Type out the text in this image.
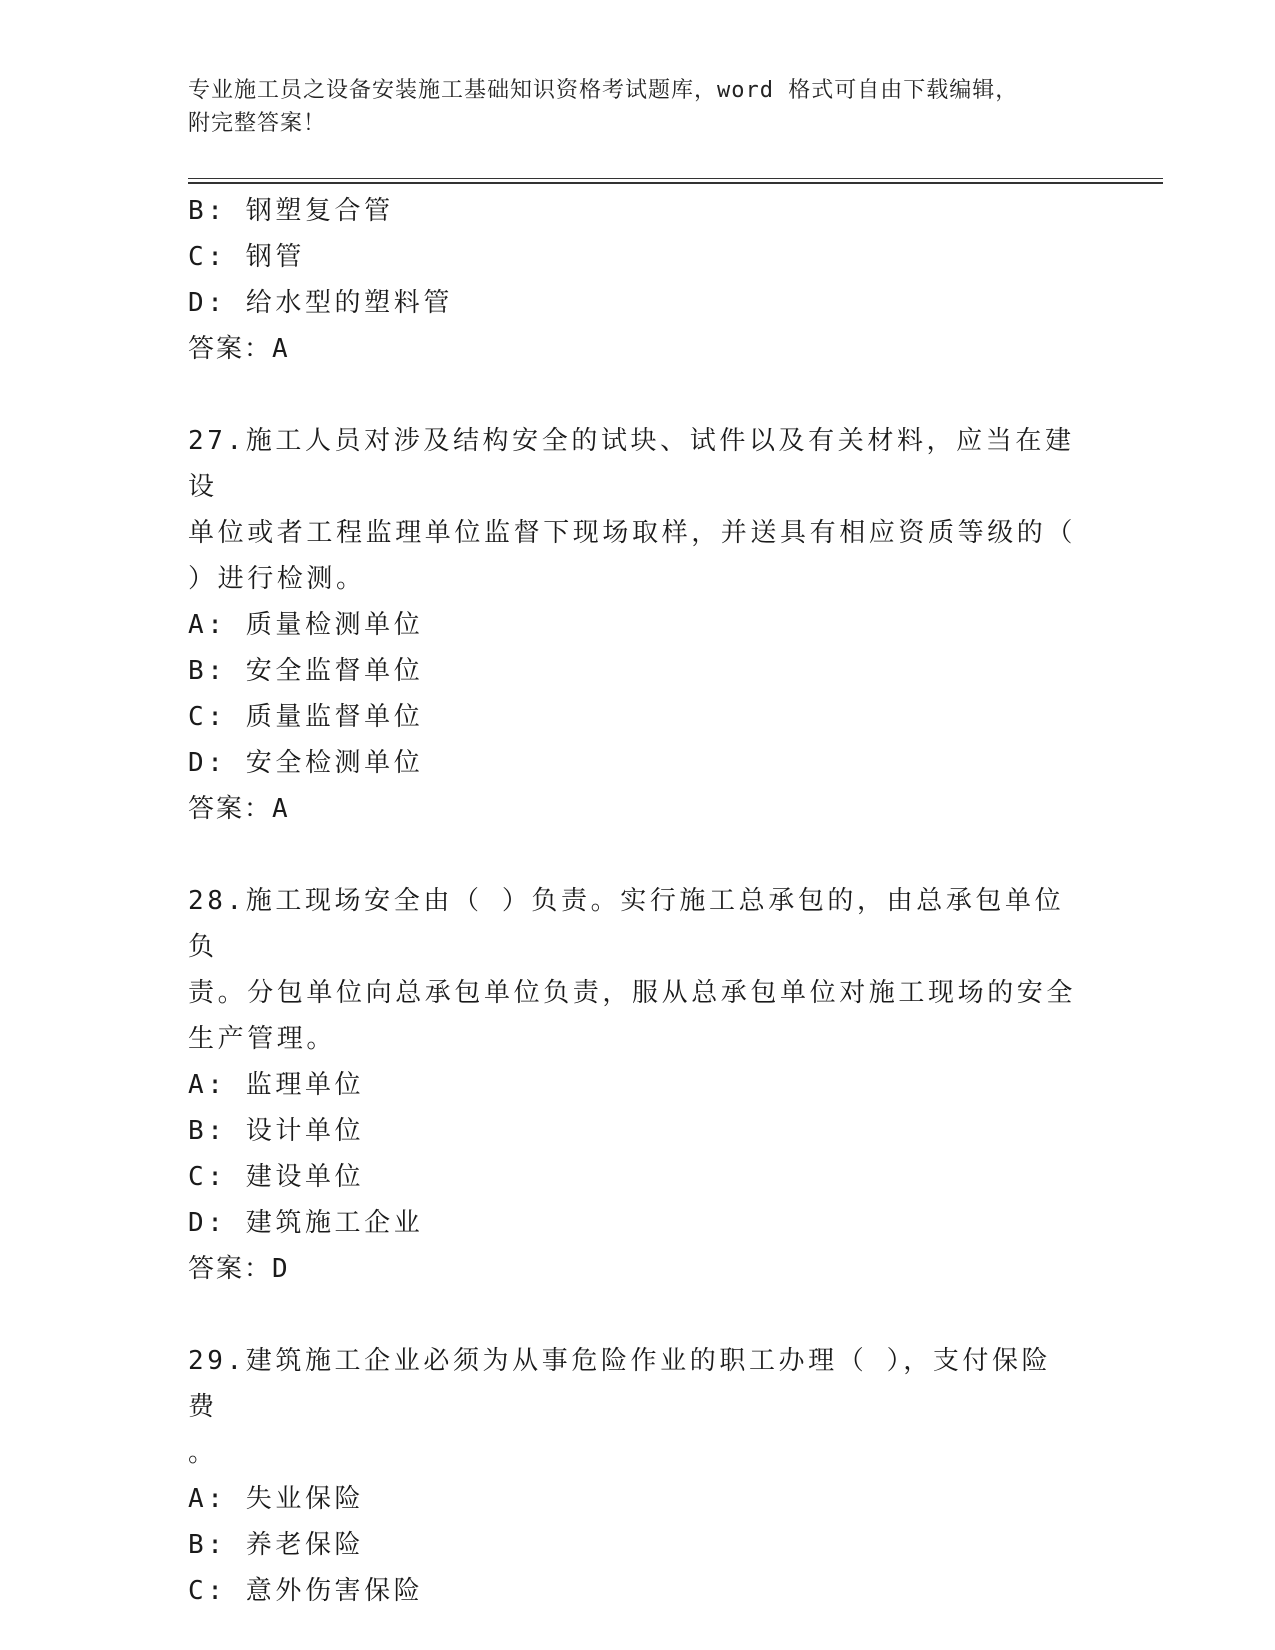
专业施工员之设备安装施工基础知识资格考试题库，word 格式可自由下载编辑，
附完整答案！

B: 钢塑复合管

C: 钢管

D: 给水型的塑料管

答案：A

27.施工人员对涉及结构安全的试块、试件以及有关材料，应当在建设

单位或者工程监理单位监督下现场取样，并送具有相应资质等级的（

）进行检测。

A: 质量检测单位

B: 安全监督单位

C: 质量监督单位

D: 安全检测单位

答案：A

28.施工现场安全由（ ）负责。实行施工总承包的，由总承包单位负

责。分包单位向总承包单位负责，服从总承包单位对施工现场的安全

生产管理。

A: 监理单位

B: 设计单位

C: 建设单位

D: 建筑施工企业

答案：D

29.建筑施工企业必须为从事危险作业的职工办理（ ），支付保险费

。

A: 失业保险

B: 养老保险

C: 意外伤害保险
